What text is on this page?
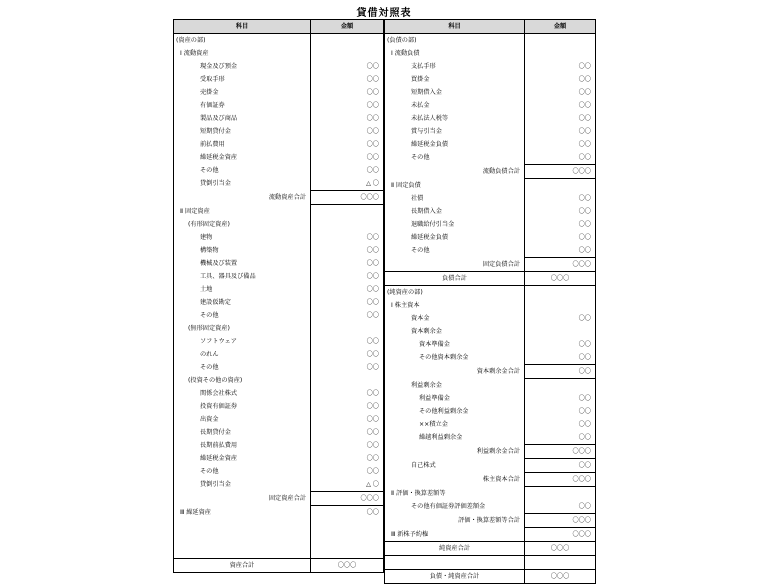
貸借対照表
科目	金額
(資産の部)	
Ⅰ 流動資産	
現金及び預金	〇〇
受取手形	〇〇
売掛金	〇〇
有価証券	〇〇
製品及び商品	〇〇
短期貸付金	〇〇
前払費用	〇〇
繰延税金資産	〇〇
その他	〇〇
貸倒引当金	△ 〇
流動資産合計	〇〇〇
Ⅱ 固定資産	
(有形固定資産)	
建物	〇〇
構築物	〇〇
機械及び装置	〇〇
工具、器具及び備品	〇〇
土地	〇〇
建設仮勘定	〇〇
その他	〇〇
(無形固定資産)	
ソフトウェア	〇〇
のれん	〇〇
その他	〇〇
(投資その他の資産)	
関係会社株式	〇〇
投資有価証券	〇〇
出資金	〇〇
長期貸付金	〇〇
長期前払費用	〇〇
繰延税金資産	〇〇
その他	〇〇
貸倒引当金	△ 〇
固定資産合計	〇〇〇
Ⅲ 繰延資産	〇〇

資産合計	〇〇〇
科目	金額
(負債の部)	
Ⅰ 流動負債	
支払手形	〇〇
買掛金	〇〇
短期借入金	〇〇
未払金	〇〇
未払法人税等	〇〇
賞与引当金	〇〇
繰延税金負債	〇〇
その他	〇〇
流動負債合計	〇〇〇
Ⅱ 固定負債	
社債	〇〇
長期借入金	〇〇
退職給付引当金	〇〇
繰延税金負債	〇〇
その他	〇〇
固定負債合計	〇〇〇
負債合計	〇〇〇
(純資産の部)	
Ⅰ 株主資本	
資本金	〇〇
資本剰余金	
資本準備金	〇〇
その他資本剰余金	〇〇
資本剰余金合計	〇〇
利益剰余金	
利益準備金	〇〇
その他利益剰余金	〇〇
××積立金	〇〇
繰越利益剰余金	〇〇
利益剰余金合計	〇〇〇
自己株式	〇〇
株主資本合計	〇〇〇
Ⅱ 評価・換算差額等	
その他有価証券評価差額金	〇〇
評価・換算差額等合計	〇〇〇
Ⅲ 新株予約権	〇〇〇
純資産合計	〇〇〇

負債・純資産合計	〇〇〇
